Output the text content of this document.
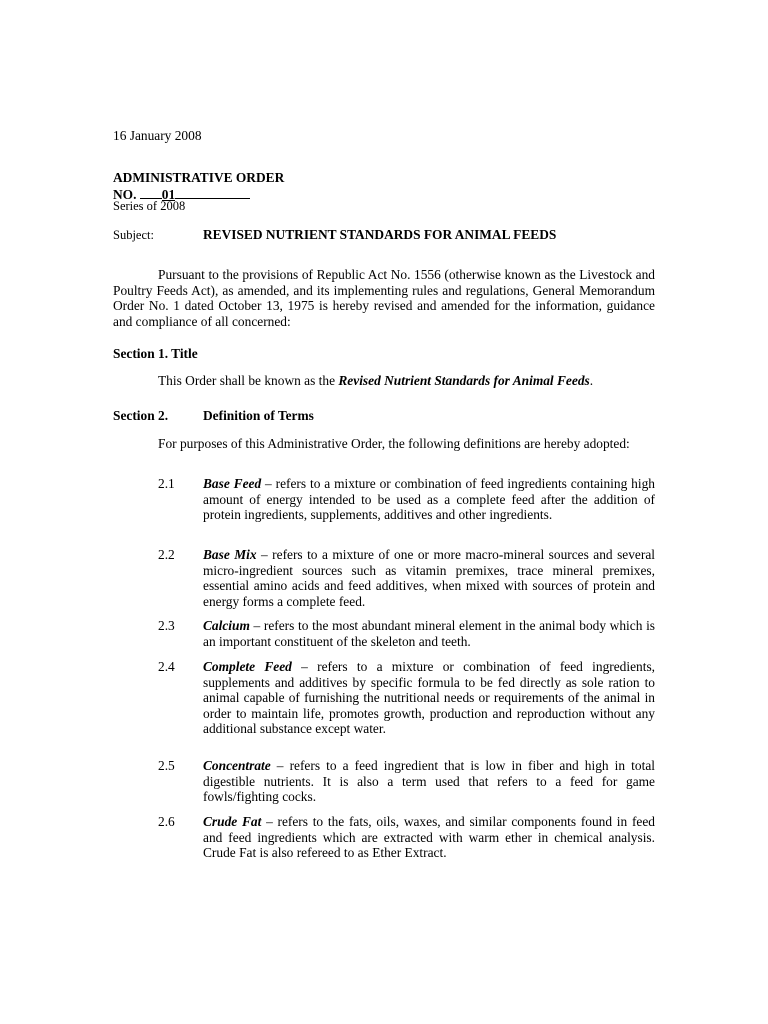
16 January 2008
ADMINISTRATIVE ORDER
NO. 01
Series of 2008
Subject:	REVISED NUTRIENT STANDARDS FOR ANIMAL FEEDS
Pursuant to the provisions of Republic Act No. 1556 (otherwise known as the Livestock and Poultry Feeds Act), as amended, and its implementing rules and regulations, General Memorandum Order No. 1 dated October 13, 1975 is hereby revised and amended for the information, guidance and compliance of all concerned:
Section 1. Title
This Order shall be known as the Revised Nutrient Standards for Animal Feeds.
Section 2.	Definition of Terms
For purposes of this Administrative Order, the following definitions are hereby adopted:
2.1 Base Feed – refers to a mixture or combination of feed ingredients containing high amount of energy intended to be used as a complete feed after the addition of protein ingredients, supplements, additives and other ingredients.
2.2 Base Mix – refers to a mixture of one or more macro-mineral sources and several micro-ingredient sources such as vitamin premixes, trace mineral premixes, essential amino acids and feed additives, when mixed with sources of protein and energy forms a complete feed.
2.3 Calcium – refers to the most abundant mineral element in the animal body which is an important constituent of the skeleton and teeth.
2.4 Complete Feed – refers to a mixture or combination of feed ingredients, supplements and additives by specific formula to be fed directly as sole ration to animal capable of furnishing the nutritional needs or requirements of the animal in order to maintain life, promotes growth, production and reproduction without any additional substance except water.
2.5 Concentrate – refers to a feed ingredient that is low in fiber and high in total digestible nutrients. It is also a term used that refers to a feed for game fowls/fighting cocks.
2.6 Crude Fat – refers to the fats, oils, waxes, and similar components found in feed and feed ingredients which are extracted with warm ether in chemical analysis. Crude Fat is also refereed to as Ether Extract.
